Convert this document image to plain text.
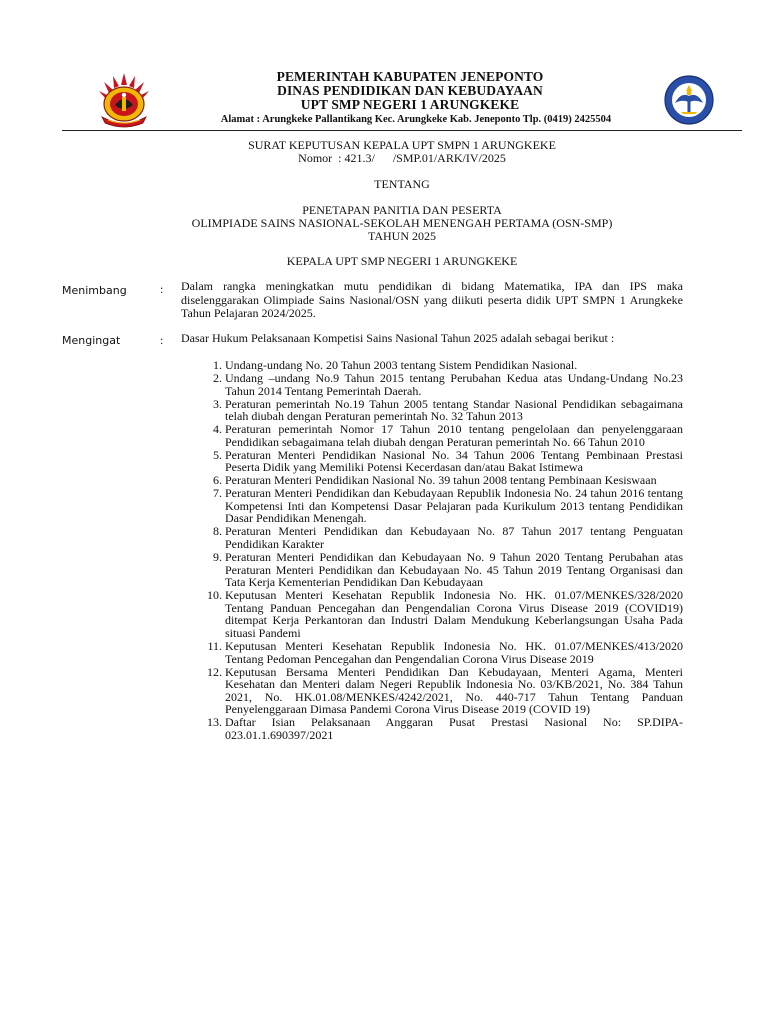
PEMERINTAH KABUPATEN JENEPONTO
DINAS PENDIDIKAN DAN KEBUDAYAAN
UPT SMP NEGERI 1 ARUNGKEKE
Alamat : Arungkeke Pallantikang Kec. Arungkeke Kab. Jeneponto Tlp. (0419) 2425504
SURAT KEPUTUSAN KEPALA UPT SMPN 1 ARUNGKEKE
Nomor  : 421.3/      /SMP.01/ARK/IV/2025
TENTANG
PENETAPAN PANITIA DAN PESERTA
OLIMPIADE SAINS NASIONAL-SEKOLAH MENENGAH PERTAMA (OSN-SMP)
TAHUN 2025
KEPALA UPT SMP NEGERI 1 ARUNGKEKE
Menimbang	: Dalam rangka meningkatkan mutu pendidikan di bidang Matematika, IPA dan IPS maka diselenggarakan Olimpiade Sains Nasional/OSN yang diikuti peserta didik UPT SMPN 1 Arungkeke Tahun Pelajaran 2024/2025.
Mengingat	: Dasar Hukum Pelaksanaan Kompetisi Sains Nasional Tahun 2025 adalah sebagai berikut :
1. Undang-undang No. 20 Tahun 2003 tentang Sistem Pendidikan Nasional.
2. Undang –undang No.9 Tahun 2015 tentang Perubahan Kedua atas Undang-Undang No.23 Tahun 2014 Tentang Pemerintah Daerah.
3. Peraturan pemerintah No.19 Tahun 2005 tentang Standar Nasional Pendidikan sebagaimana telah diubah dengan Peraturan pemerintah No. 32 Tahun 2013
4. Peraturan pemerintah Nomor 17 Tahun 2010 tentang pengelolaan dan penyelenggaraan Pendidikan sebagaimana telah diubah dengan Peraturan pemerintah No. 66 Tahun 2010
5. Peraturan Menteri Pendidikan Nasional No. 34 Tahun 2006 Tentang Pembinaan Prestasi Peserta Didik yang Memiliki Potensi Kecerdasan dan/atau Bakat Istimewa
6. Peraturan Menteri Pendidikan Nasional No. 39 tahun 2008 tentang Pembinaan Kesiswaan
7. Peraturan Menteri Pendidikan dan Kebudayaan Republik Indonesia No. 24 tahun 2016 tentang Kompetensi Inti dan Kompetensi Dasar Pelajaran pada Kurikulum 2013 tentang Pendidikan Dasar Pendidikan Menengah.
8. Peraturan Menteri Pendidikan dan Kebudayaan No. 87 Tahun 2017 tentang Penguatan Pendidikan Karakter
9. Peraturan Menteri Pendidikan dan Kebudayaan No. 9 Tahun 2020 Tentang Perubahan atas Peraturan Menteri Pendidikan dan Kebudayaan No. 45 Tahun 2019 Tentang Organisasi dan Tata Kerja Kementerian Pendidikan Dan Kebudayaan
10. Keputusan Menteri Kesehatan Republik Indonesia No. HK. 01.07/MENKES/328/2020 Tentang Panduan Pencegahan dan Pengendalian Corona Virus Disease 2019 (COVID19) ditempat Kerja Perkantoran dan Industri Dalam Mendukung Keberlangsungan Usaha Pada situasi Pandemi
11. Keputusan Menteri Kesehatan Republik Indonesia No. HK. 01.07/MENKES/413/2020 Tentang Pedoman Pencegahan dan Pengendalian Corona Virus Disease 2019
12. Keputusan Bersama Menteri Pendidikan Dan Kebudayaan, Menteri Agama, Menteri Kesehatan dan Menteri dalam Negeri Republik Indonesia No. 03/KB/2021, No. 384 Tahun 2021, No. HK.01.08/MENKES/4242/2021, No. 440-717 Tahun Tentang Panduan Penyelenggaraan Dimasa Pandemi Corona Virus Disease 2019 (COVID 19)
13. Daftar Isian Pelaksanaan Anggaran Pusat Prestasi Nasional No: SP.DIPA-023.01.1.690397/2021
